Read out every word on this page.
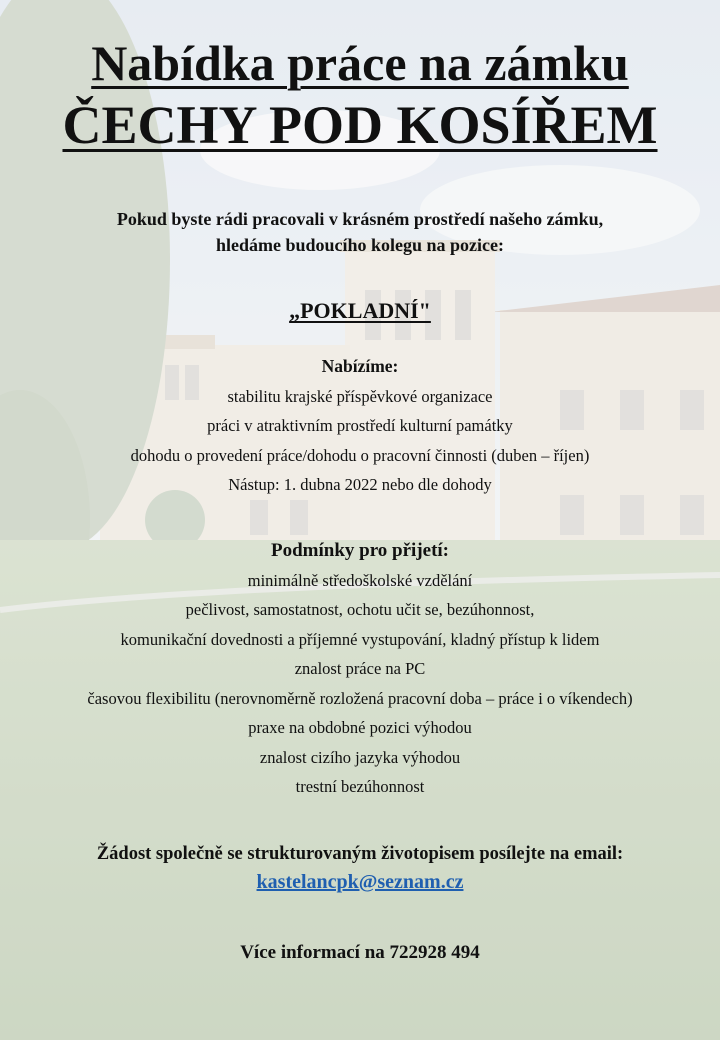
Nabídka práce na zámku
ČECHY POD KOSÍŘEM
Pokud byste rádi pracovali v krásném prostředí našeho zámku,
hledáme budoucího kolegu na pozice:
„POKLADNÍ"
Nabízíme:
stabilitu krajské příspěvkové organizace
práci v atraktivním prostředí kulturní památky
dohodu o provedení práce/dohodu o pracovní činnosti (duben – říjen)
Nástup: 1. dubna 2022 nebo dle dohody
Podmínky pro přijetí:
minimálně středoškolské vzdělání
pečlivost, samostatnost, ochotu učit se, bezúhonnost,
komunikační dovednosti a příjemné vystupování, kladný přístup k lidem
znalost práce na PC
časovou flexibilitu (nerovnoměrně rozložená pracovní doba – práce i o víkendech)
praxe na obdobné pozici výhodou
znalost cizího jazyka výhodou
trestní bezúhonnost
Žádost společně se strukturovaným životopisem posílejte na email:
kastelancpk@seznam.cz
Více informací na 722928 494
